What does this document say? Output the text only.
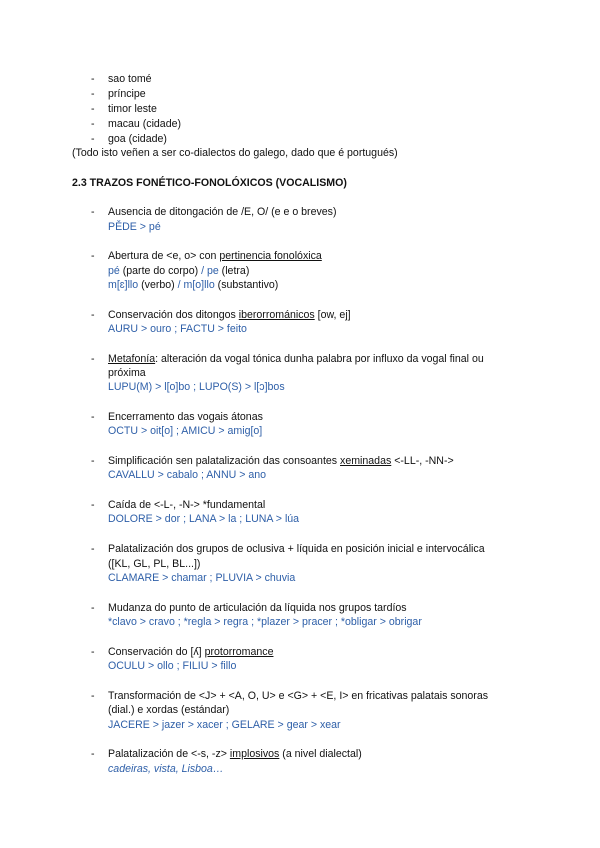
- sao tomé
- príncipe
- timor leste
- macau (cidade)
- goa (cidade)
(Todo isto veñen a ser co-dialectos do galego, dado que é portugués)
2.3 TRAZOS FONÉTICO-FONOLÓXICOS (VOCALISMO)
- Ausencia de ditongación de /E, O/ (e e o breves)
PĚDE > pé
- Abertura de <e, o> con pertinencia fonolóxica
pé (parte do corpo) / pe (letra)
m[ɛ]llo (verbo) / m[o]llo (substantivo)
- Conservación dos ditongos iberorrománicos [ow, ej]
AURU > ouro ; FACTU > feito
- Metafonía: alteración da vogal tónica dunha palabra por influxo da vogal final ou
próxima
LUPU(M) > l[o]bo ; LUPO(S) > l[ɔ]bos
- Encerramento das vogais átonas
OCTU > oit[o] ; AMICU > amig[o]
- Simplificación sen palatalización das consoantes xeminadas <-LL-, -NN->
CAVALLU > cabalo ; ANNU > ano
- Caída de <-L-, -N-> *fundamental
DOLORE > dor ; LANA > la ; LUNA > lúa
- Palatalización dos grupos de oclusiva + líquida en posición inicial e intervocálica
([KL, GL, PL, BL...])
CLAMARE > chamar ; PLUVIA > chuvia
- Mudanza do punto de articulación da líquida nos grupos tardíos
*clavo > cravo ; *regla > regra ; *plazer > pracer ; *obligar > obrigar
- Conservación do [ʎ] protorromance
OCULU > ollo ; FILIU > fillo
- Transformación de <J> + <A, O, U> e <G> + <E, I> en fricativas palatais sonoras
(dial.) e xordas (estándar)
JACERE > jazer > xacer ; GELARE > gear > xear
- Palatalización de <-s, -z> implosivos (a nivel dialectal)
cadeiras, vista, Lisboa…
